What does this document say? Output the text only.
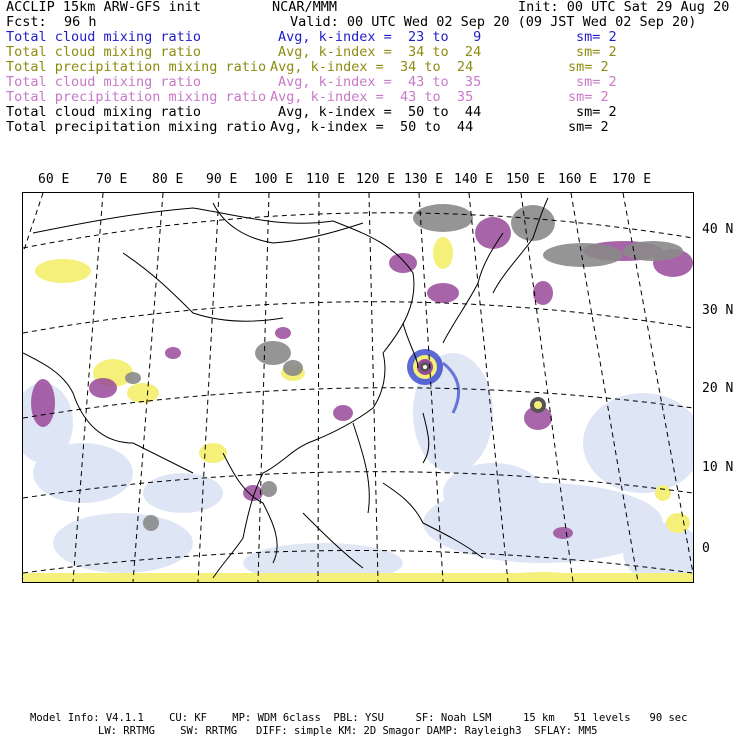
ACCLIP 15km ARW-GFS init	NCAR/MMM	Init: 00 UTC Sat 29 Aug 20
Fcst: 96 h	Valid: 00 UTC Wed 02 Sep 20 (09 JST Wed 02 Sep 20)
Total cloud mixing ratio	Avg, k-index =  23 to   9	sm= 2
Total cloud mixing ratio	Avg, k-index =  34 to  24	sm= 2
Total precipitation mixing ratio Avg, k-index =  34 to  24	sm= 2
Total cloud mixing ratio	Avg, k-index =  43 to  35	sm= 2
Total precipitation mixing ratio Avg, k-index =  43 to  35	sm= 2
Total cloud mixing ratio	Avg, k-index =  50 to  44	sm= 2
Total precipitation mixing ratio Avg, k-index =  50 to  44	sm= 2
60 E 70 E 80 E 90 E 100 E 110 E 120 E 130 E 140 E 150 E 160 E 170 E
40 N
30 N
20 N
10 N
0
Model Info: V4.1.1    CU: KF    MP: WDM 6class  PBL: YSU     SF: Noah LSM     15 km   51 levels   90 sec
LW: RRTMG    SW: RRTMG   DIFF: simple KM: 2D Smagor DAMP: Rayleigh3  SFLAY: MM5
